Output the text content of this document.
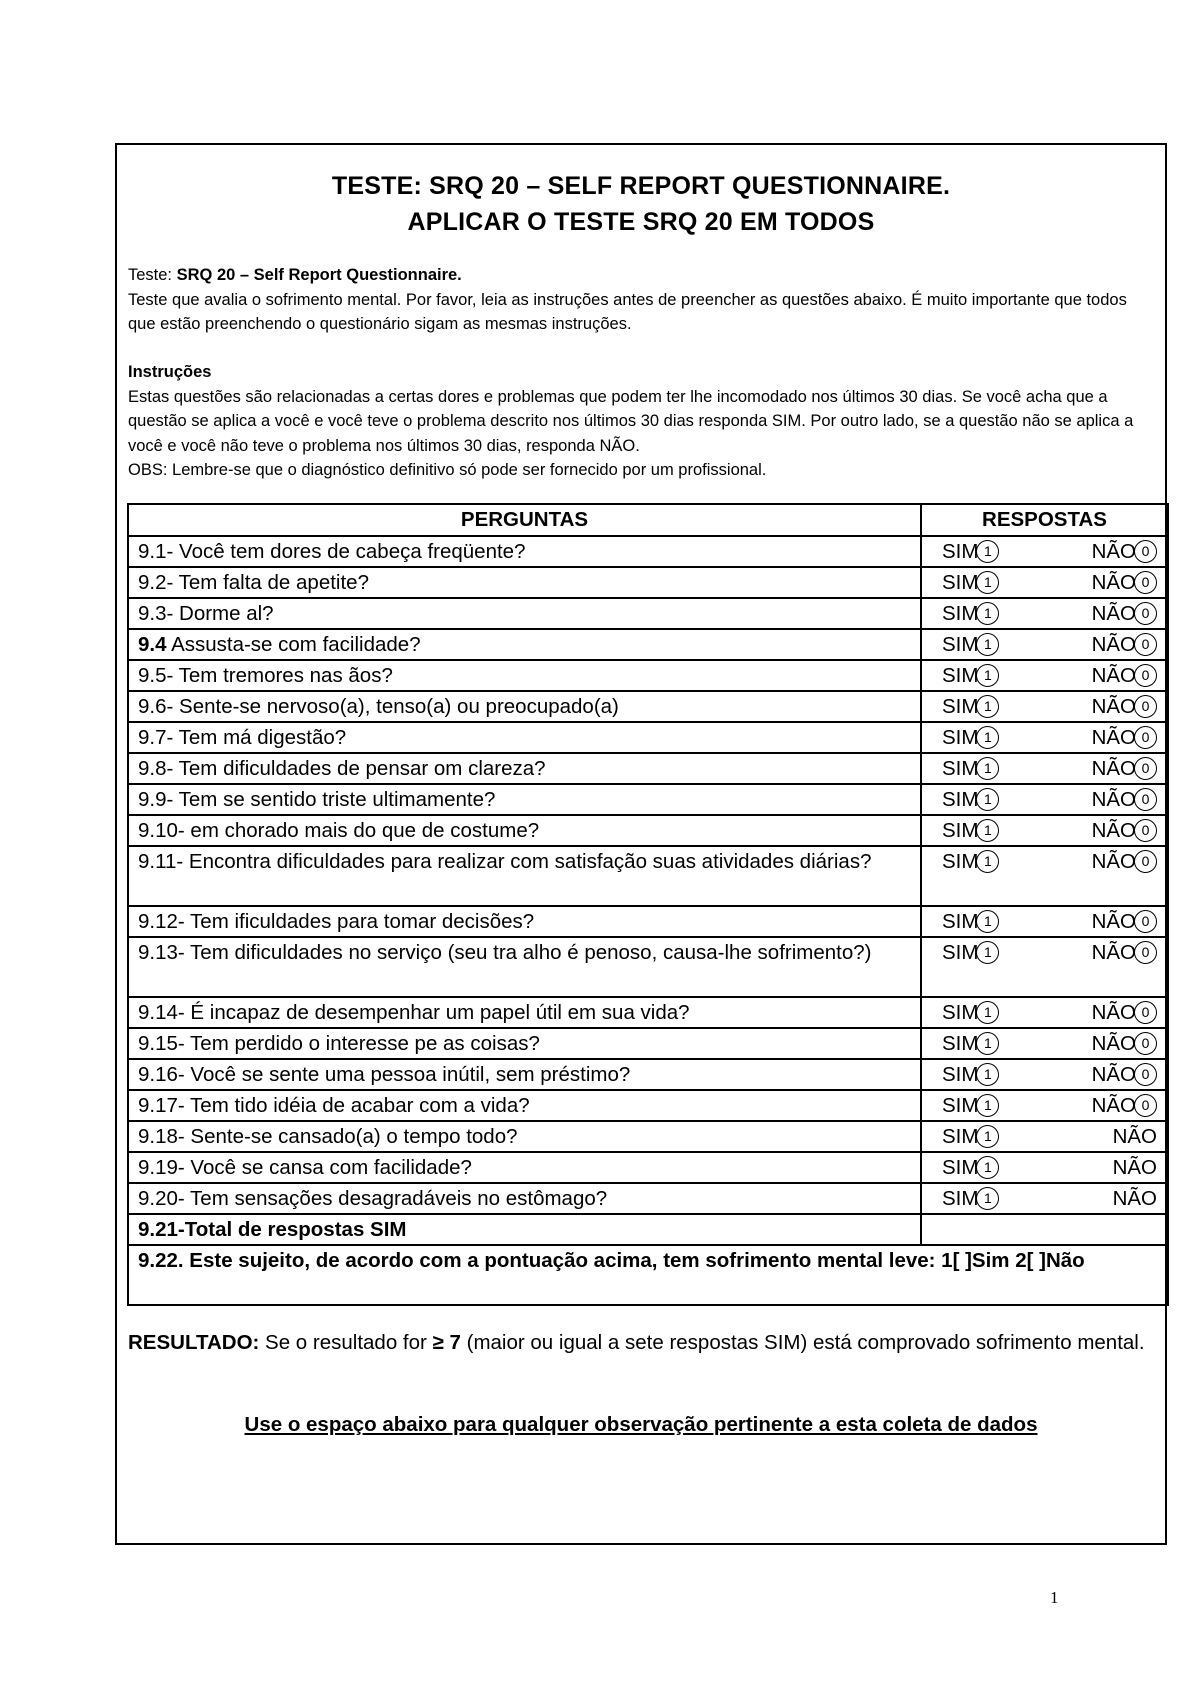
TESTE: SRQ 20 – SELF REPORT QUESTIONNAIRE.
APLICAR O TESTE SRQ 20 EM TODOS

Teste: SRQ 20 – Self Report Questionnaire.

Teste que avalia o sofrimento mental. Por favor, leia as instruções antes de preencher as questões abaixo. É muito importante que todos que estão preenchendo o questionário sigam as mesmas instruções.

Instruções

Estas questões são relacionadas a certas dores e problemas que podem ter lhe incomodado nos últimos 30 dias. Se você acha que a questão se aplica a você e você teve o problema descrito nos últimos 30 dias responda SIM. Por outro lado, se a questão não se aplica a você e você não teve o problema nos últimos 30 dias, responda NÃO.

OBS: Lembre-se que o diagnóstico definitivo só pode ser fornecido por um profissional.

PERGUNTAS	RESPOSTAS
9.1- Você tem dores de cabeça freqüente?	SIM 1 NÃO 0

9.2- Tem falta de apetite?	SIM 1 NÃO 0

9.3- Dorme al?	SIM 1 NÃO 0

9.4 Assusta-se com facilidade?	SIM 1 NÃO 0

9.5- Tem tremores nas ãos?	SIM 1 NÃO 0

9.6- Sente-se nervoso(a), tenso(a) ou preocupado(a)	SIM 1 NÃO 0

9.7- Tem má digestão?	SIM 1 NÃO 0

9.8- Tem dificuldades de pensar om clareza?	SIM 1 NÃO 0

9.9- Tem se sentido triste ultimamente?	SIM 1 NÃO 0

9.10- em chorado mais do que de costume?	SIM 1 NÃO 0

9.11- Encontra dificuldades para realizar com satisfação suas atividades diárias?	SIM 1 NÃO 0

9.12- Tem ificuldades para tomar decisões?	SIM 1 NÃO 0

9.13- Tem dificuldades no serviço (seu tra alho é penoso, causa-lhe sofrimento?)	SIM 1 NÃO 0

9.14- É incapaz de desempenhar um papel útil em sua vida?	SIM 1 NÃO 0

9.15- Tem perdido o interesse pe as coisas?	SIM 1 NÃO 0

9.16- Você se sente uma pessoa inútil, sem préstimo?	SIM 1 NÃO 0

9.17- Tem tido idéia de acabar com a vida?	SIM 1 NÃO 0

9.18- Sente-se cansado(a) o tempo todo?	SIM 1 NÃO

9.19- Você se cansa com facilidade?	SIM 1 NÃO

9.20- Tem sensações desagradáveis no estômago?	SIM 1 NÃO

9.21-Total de respostas SIM	
9.22. Este sujeito, de acordo com a pontuação acima, tem sofrimento mental leve: 1[ ]Sim 2[ ]Não	
RESULTADO: Se o resultado for ≥ 7 (maior ou igual a sete respostas SIM) está comprovado sofrimento mental.
Use o espaço abaixo para qualquer observação pertinente a esta coleta de dados
1
